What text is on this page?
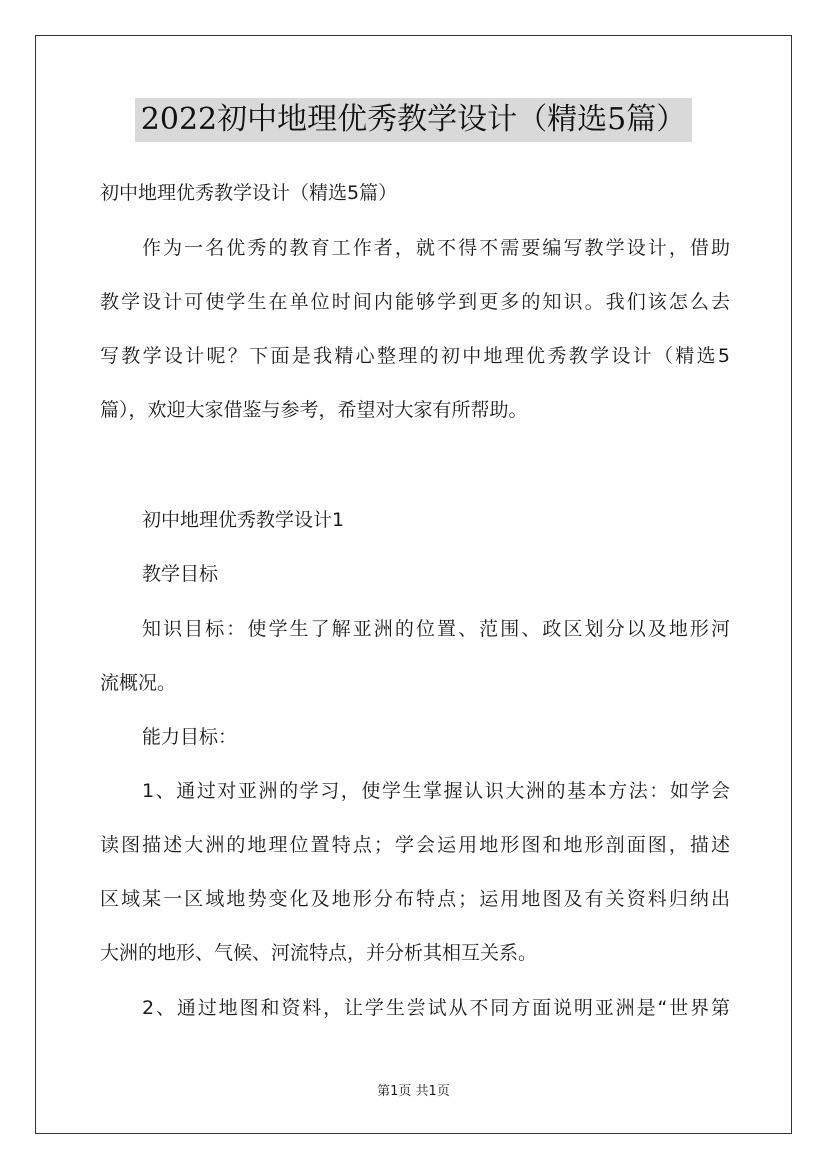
2022初中地理优秀教学设计（精选5篇）
初中地理优秀教学设计（精选5篇）
作为一名优秀的教育工作者，就不得不需要编写教学设计，借助
教学设计可使学生在单位时间内能够学到更多的知识。我们该怎么去
写教学设计呢？下面是我精心整理的初中地理优秀教学设计（精选5
篇），欢迎大家借鉴与参考，希望对大家有所帮助。
初中地理优秀教学设计1
教学目标
知识目标：使学生了解亚洲的位置、范围、政区划分以及地形河
流概况。
能力目标：
1、通过对亚洲的学习，使学生掌握认识大洲的基本方法：如学会
读图描述大洲的地理位置特点；学会运用地形图和地形剖面图，描述
区域某一区域地势变化及地形分布特点；运用地图及有关资料归纳出
大洲的地形、气候、河流特点，并分析其相互关系。
2、通过地图和资料，让学生尝试从不同方面说明亚洲是“世界第
第1页 共1页
